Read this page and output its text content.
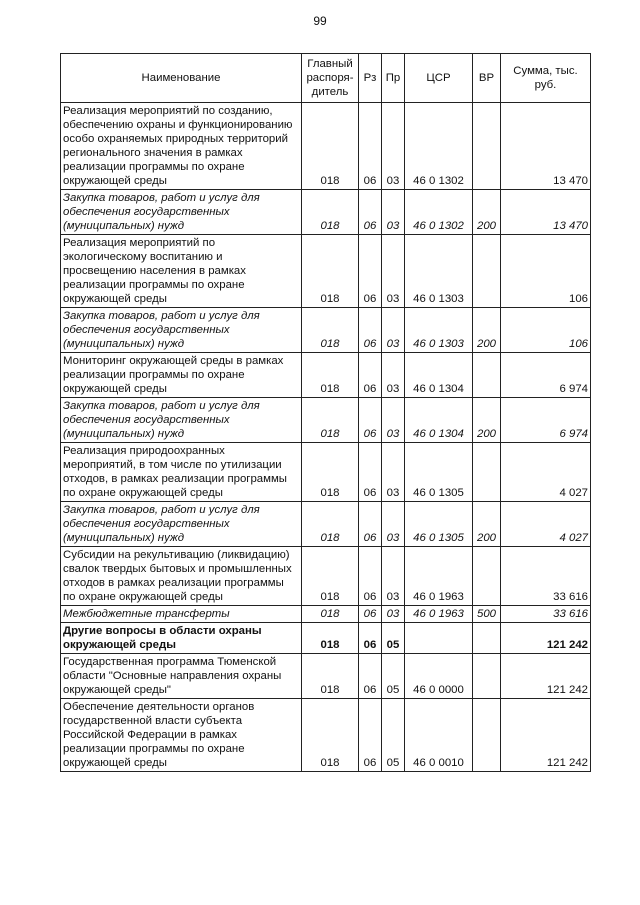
99
Наименование	Главный распоря-дитель	Рз	Пр	ЦСР	ВР	Сумма, тыс. руб.
Реализация мероприятий по созданию, обеспечению охраны и функционированию особо охраняемых природных территорий регионального значения в рамках реализации программы по охране окружающей среды	018	06	03	46 0 1302		13 470
Закупка товаров, работ и услуг для обеспечения государственных (муниципальных) нужд	018	06	03	46 0 1302	200	13 470
Реализация мероприятий по экологическому воспитанию и просвещению населения в рамках реализации программы по охране окружающей среды	018	06	03	46 0 1303		106
Закупка товаров, работ и услуг для обеспечения государственных (муниципальных) нужд	018	06	03	46 0 1303	200	106
Мониторинг окружающей среды в рамках реализации программы по охране окружающей среды	018	06	03	46 0 1304		6 974
Закупка товаров, работ и услуг для обеспечения государственных (муниципальных) нужд	018	06	03	46 0 1304	200	6 974
Реализация природоохранных мероприятий, в том числе по утилизации отходов, в рамках реализации программы по охране окружающей среды	018	06	03	46 0 1305		4 027
Закупка товаров, работ и услуг для обеспечения государственных (муниципальных) нужд	018	06	03	46 0 1305	200	4 027
Субсидии на рекультивацию (ликвидацию) свалок твердых бытовых и промышленных отходов в рамках реализации программы по охране окружающей среды	018	06	03	46 0 1963		33 616
Межбюджетные трансферты	018	06	03	46 0 1963	500	33 616
Другие вопросы в области охраны окружающей среды	018	06	05			121 242
Государственная программа Тюменской области "Основные направления охраны окружающей среды"	018	06	05	46 0 0000		121 242
Обеспечение деятельности органов государственной власти субъекта Российской Федерации в рамках реализации программы по охране окружающей среды	018	06	05	46 0 0010		121 242
